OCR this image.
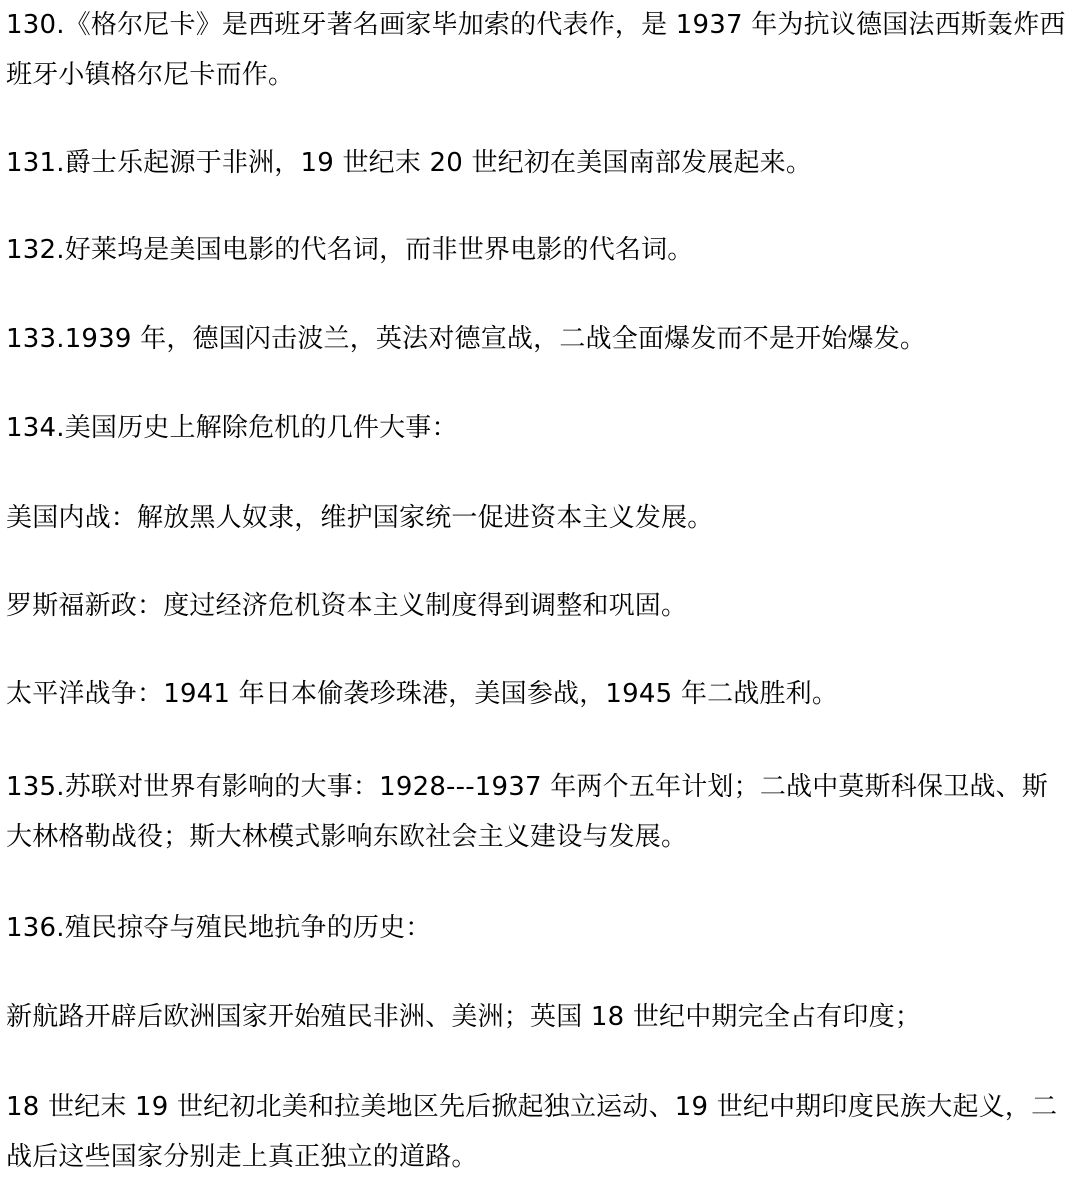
130.《格尔尼卡》是西班牙著名画家毕加索的代表作，是 1937 年为抗议德国法西斯轰炸西班牙小镇格尔尼卡而作。

131.爵士乐起源于非洲，19 世纪末 20 世纪初在美国南部发展起来。

132.好莱坞是美国电影的代名词，而非世界电影的代名词。

133.1939 年，德国闪击波兰，英法对德宣战，二战全面爆发而不是开始爆发。

134.美国历史上解除危机的几件大事：

美国内战：解放黑人奴隶，维护国家统一促进资本主义发展。

罗斯福新政：度过经济危机资本主义制度得到调整和巩固。

太平洋战争：1941 年日本偷袭珍珠港，美国参战，1945 年二战胜利。

135.苏联对世界有影响的大事：1928---1937 年两个五年计划；二战中莫斯科保卫战、斯大林格勒战役；斯大林模式影响东欧社会主义建设与发展。

136.殖民掠夺与殖民地抗争的历史：

新航路开辟后欧洲国家开始殖民非洲、美洲；英国 18 世纪中期完全占有印度；

18 世纪末 19 世纪初北美和拉美地区先后掀起独立运动、19 世纪中期印度民族大起义，二战后这些国家分别走上真正独立的道路。
